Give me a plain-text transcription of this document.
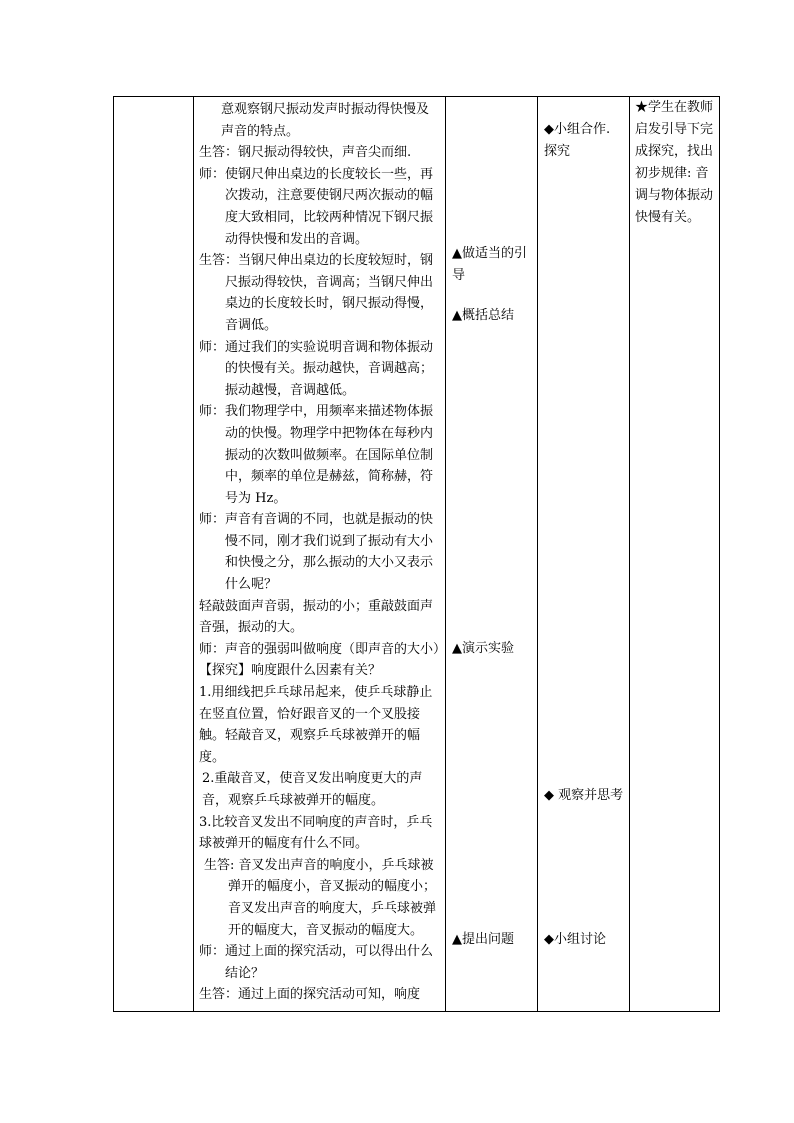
意观察钢尺振动发声时振动得快慢及声音的特点。

生答：钢尺振动得较快，声音尖而细.

师：使钢尺伸出桌边的长度较长一些，再次拨动，注意要使钢尺两次振动的幅度大致相同，比较两种情况下钢尺振动得快慢和发出的音调。

生答：当钢尺伸出桌边的长度较短时，钢尺振动得较快，音调高；当钢尺伸出桌边的长度较长时，钢尺振动得慢，音调低。

师：通过我们的实验说明音调和物体振动的快慢有关。振动越快，音调越高；振动越慢，音调越低。

师：我们物理学中，用频率来描述物体振动的快慢。物理学中把物体在每秒内振动的次数叫做频率。在国际单位制中，频率的单位是赫兹，简称赫，符号为 Hz。

师：声音有音调的不同，也就是振动的快慢不同，刚才我们说到了振动有大小和快慢之分，那么振动的大小又表示什么呢？

轻敲鼓面声音弱，振动的小；重敲鼓面声音强，振动的大。

师：声音的强弱叫做响度（即声音的大小）

【探究】响度跟什么因素有关？

1.用细线把乒乓球吊起来，使乒乓球静止在竖直位置，恰好跟音叉的一个叉股接触。轻敲音叉，观察乒乓球被弹开的幅度。

2.重敲音叉，使音叉发出响度更大的声音，观察乒乓球被弹开的幅度。

3.比较音叉发出不同响度的声音时，乒乓球被弹开的幅度有什么不同。

生答: 音叉发出声音的响度小，乒乓球被弹开的幅度小，音叉振动的幅度小；音叉发出声音的响度大，乒乓球被弹开的幅度大，音叉振动的幅度大。

师：通过上面的探究活动，可以得出什么结论？

生答：通过上面的探究活动可知，响度

▲做适当的引导
▲概括总结
▲演示实验
▲提出问题
◆小组合作. 探究
◆ 观察并思考
◆小组讨论
★学生在教师启发引导下完成探究，找出初步规律: 音调与物体振动快慢有关。
